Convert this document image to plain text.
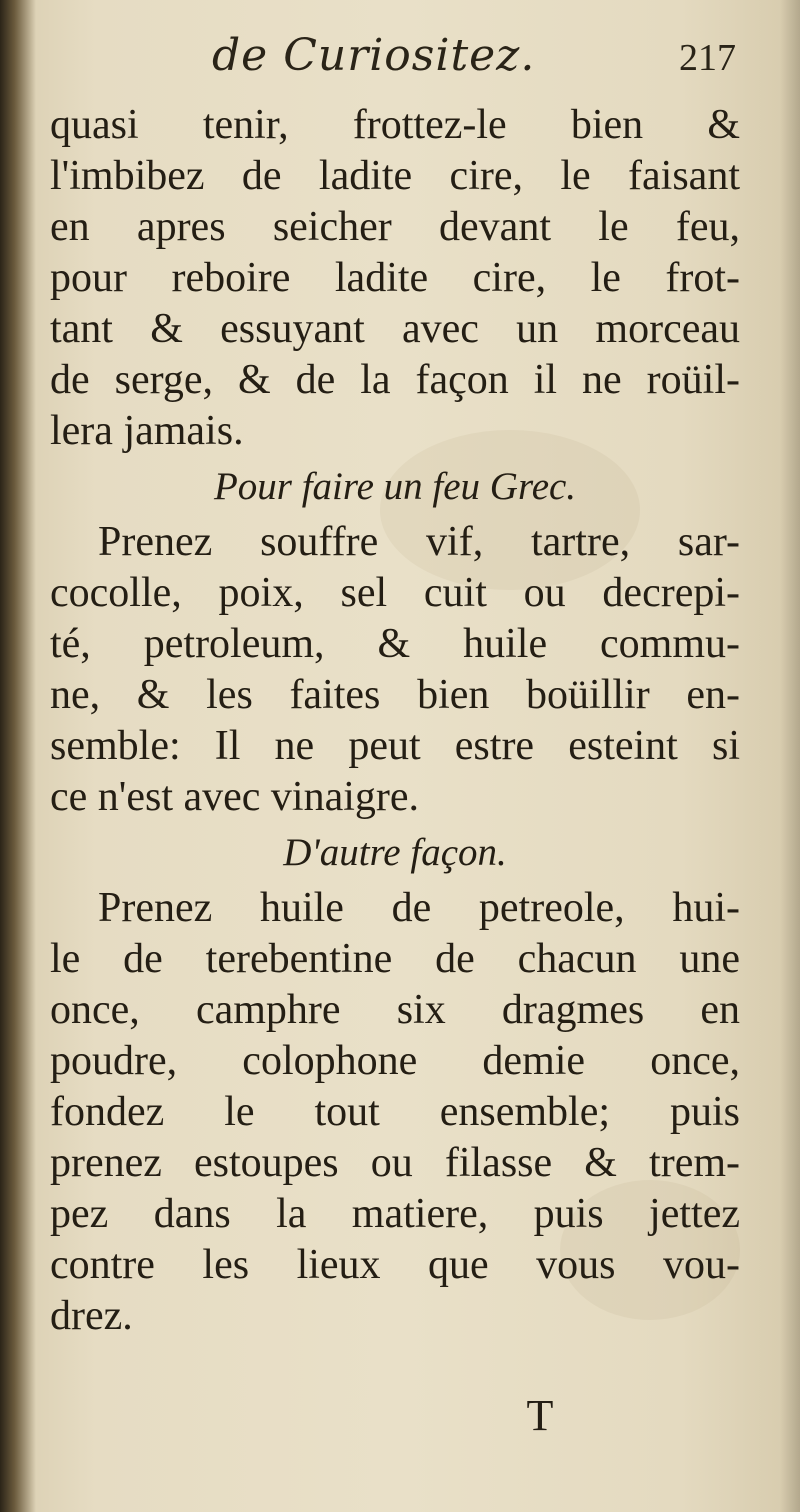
de Curiositez.	217
quasi tenir, frottez-le bien &
l'imbibez de ladite cire, le faisant
en apres seicher devant le feu,
pour reboire ladite cire, le frot-
tant & essuyant avec un morceau
de serge, & de la façon il ne roüil-
lera jamais.
Pour faire un feu Grec.
Prenez souffre vif, tartre, sar-
cocolle, poix, sel cuit ou decrepi-
té, petroleum, & huile commu-
ne, & les faites bien boüillir en-
semble: Il ne peut estre esteint si
ce n'est avec vinaigre.
D'autre façon.
Prenez huile de petreole, hui-
le de terebentine de chacun une
once, camphre six dragmes en
poudre, colophone demie once,
fondez le tout ensemble; puis
prenez estoupes ou filasse & trem-
pez dans la matiere, puis jettez
contre les lieux que vous vou-
drez.
T
